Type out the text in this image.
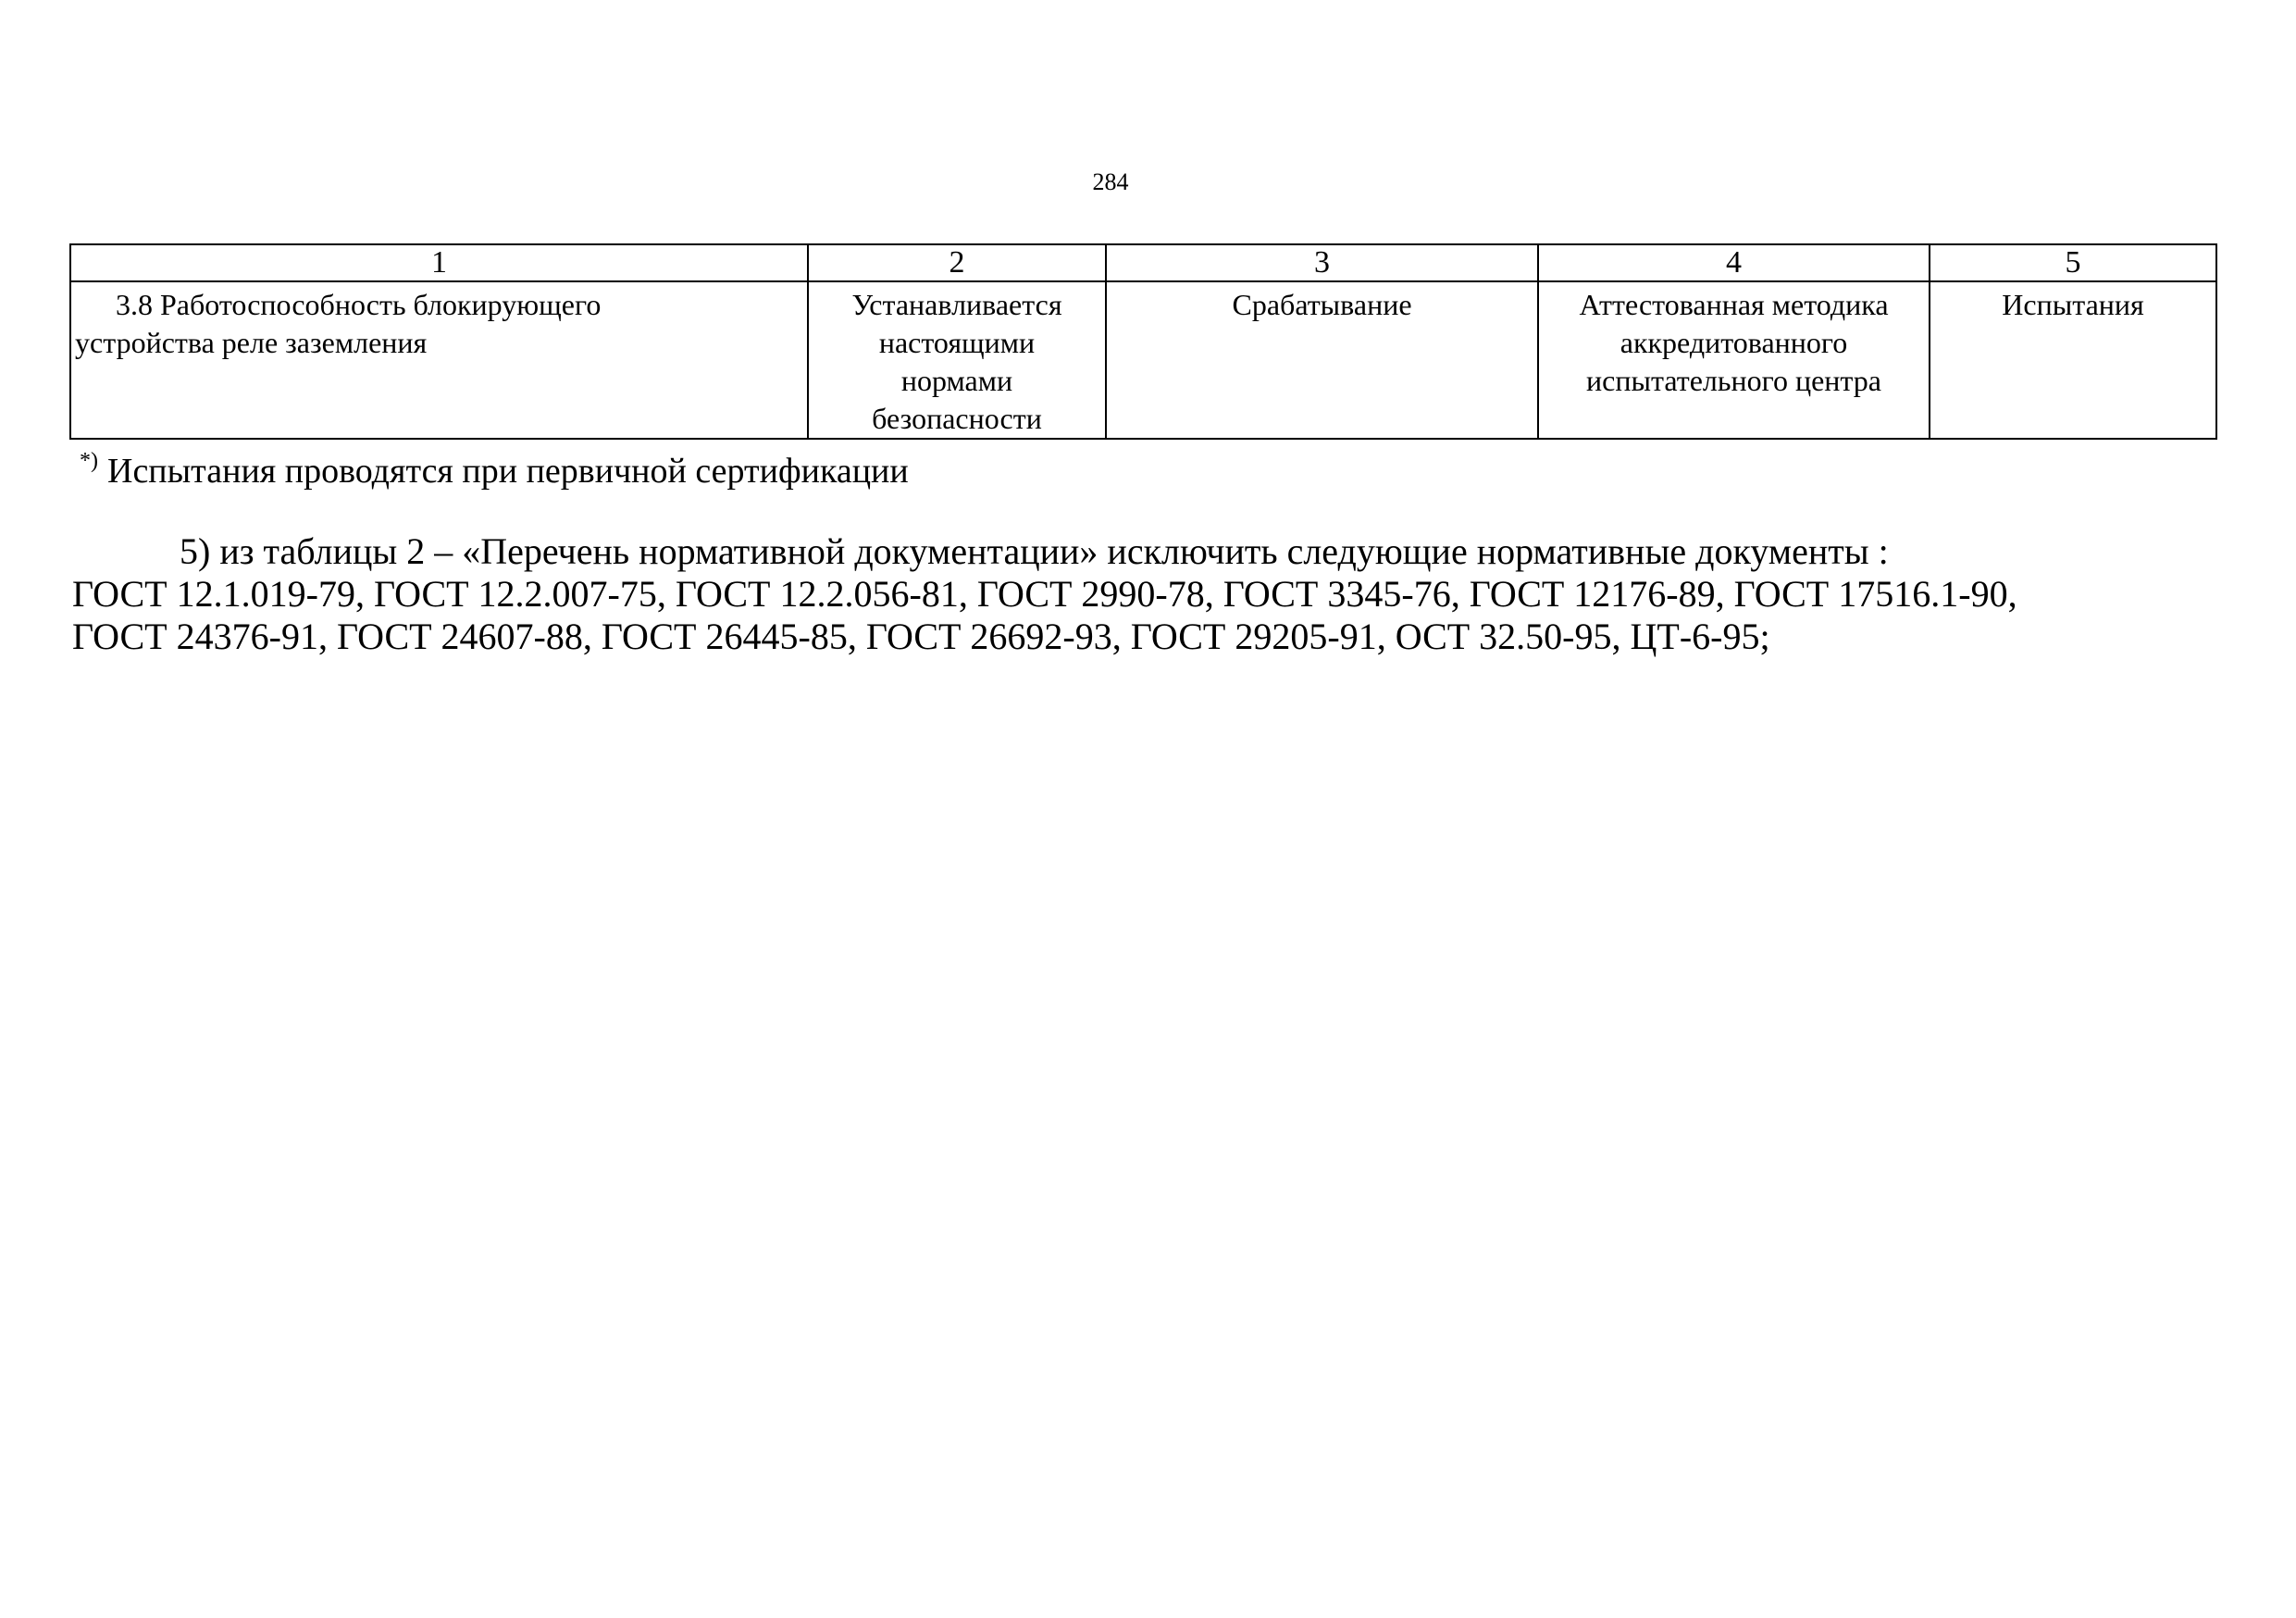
284
1	2	3	4	5

3.8 Работоспособность блокирующего
устройства реле заземления	Устанавливается
настоящими
нормами
безопасности	Срабатывание	Аттестованная методика
аккредитованного
испытательного центра	Испытания
*) Испытания проводятся при первичной сертификации
5) из таблицы 2 – «Перечень нормативной документации» исключить следующие нормативные документы :
ГОСТ 12.1.019-79, ГОСТ 12.2.007-75, ГОСТ 12.2.056-81, ГОСТ 2990-78, ГОСТ 3345-76, ГОСТ 12176-89, ГОСТ 17516.1-90,
ГОСТ 24376-91, ГОСТ 24607-88, ГОСТ 26445-85, ГОСТ 26692-93, ГОСТ 29205-91, ОСТ 32.50-95, ЦТ-6-95;
